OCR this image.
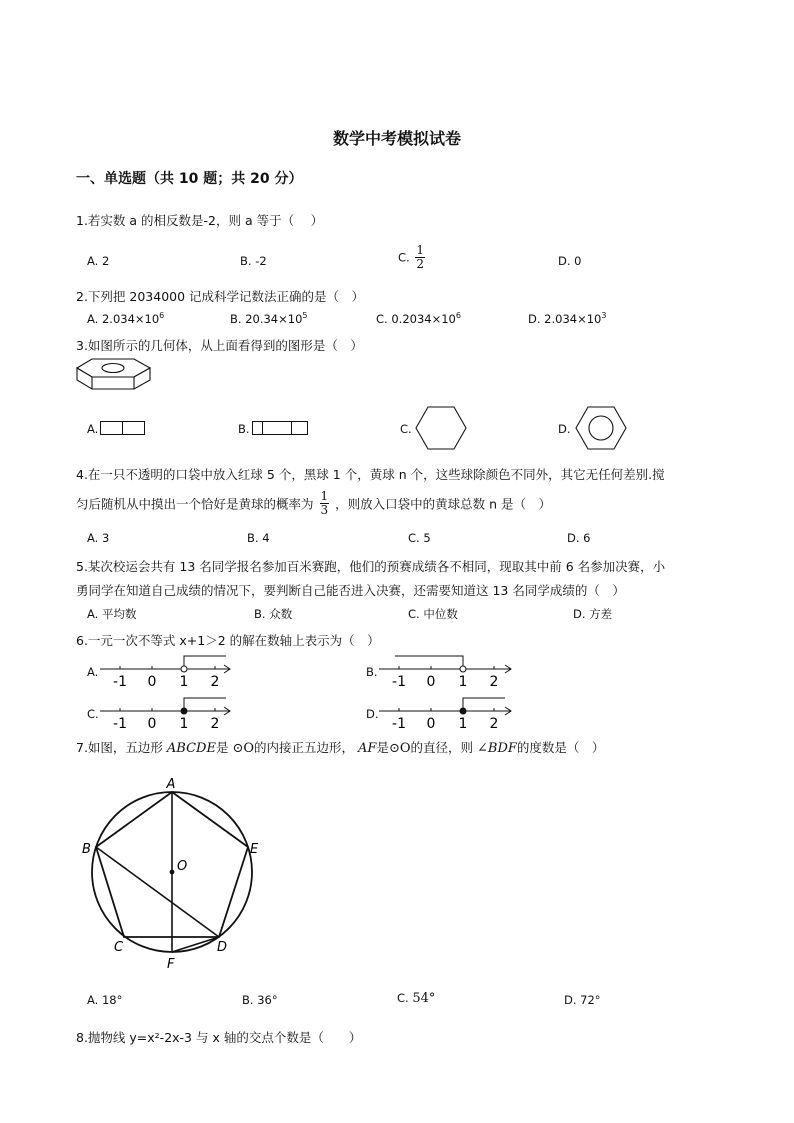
数学中考模拟试卷
一、单选题（共 10 题；共 20 分）
1.若实数 a 的相反数是-2，则 a 等于（　 ）
A. 2	B. -2	C. $\frac{1}{2}$	D. 0
2.下列把 2034000 记成科学记数法正确的是（　）
A. $2.034\times 10^6$	B. $20.34\times 10^5$	C. $0.2034\times 10^6$	D. $2.034\times 10^3$
3.如图所示的几何体，从上面看得到的图形是（　）
A.	B.	C.	D.
4.在一只不透明的口袋中放入红球 5 个，黑球 1 个，黄球 n 个，这些球除颜色不同外，其它无任何差别.搅
匀后随机从中摸出一个恰好是黄球的概率为 $\frac{1}{3}$ ，则放入口袋中的黄球总数 n 是（　）
A. 3	B. 4	C. 5	D. 6
5.某次校运会共有 13 名同学报名参加百米赛跑，他们的预赛成绩各不相同，现取其中前 6 名参加决赛，小
勇同学在知道自己成绩的情况下，要判断自己能否进入决赛，还需要知道这 13 名同学成绩的（　）
A. 平均数	B. 众数	C. 中位数	D. 方差
6.一元一次不等式 x+1＞2 的解在数轴上表示为（　）
A.
-1 0 1 2
B.
-1 0 1 2
C.
-1 0 1 2
D.
-1 0 1 2
7.如图，五边形 ABCDE是 ⊙O的内接正五边形， AF是⊙O的直径，则 ∠BDF的度数是（　）
A
B
C	D
E
F
O
A. 18°	B. 36°	C. 54°	D. 72°
8.抛物线 y=x²-2x-3 与 x 轴的交点个数是（　　）
